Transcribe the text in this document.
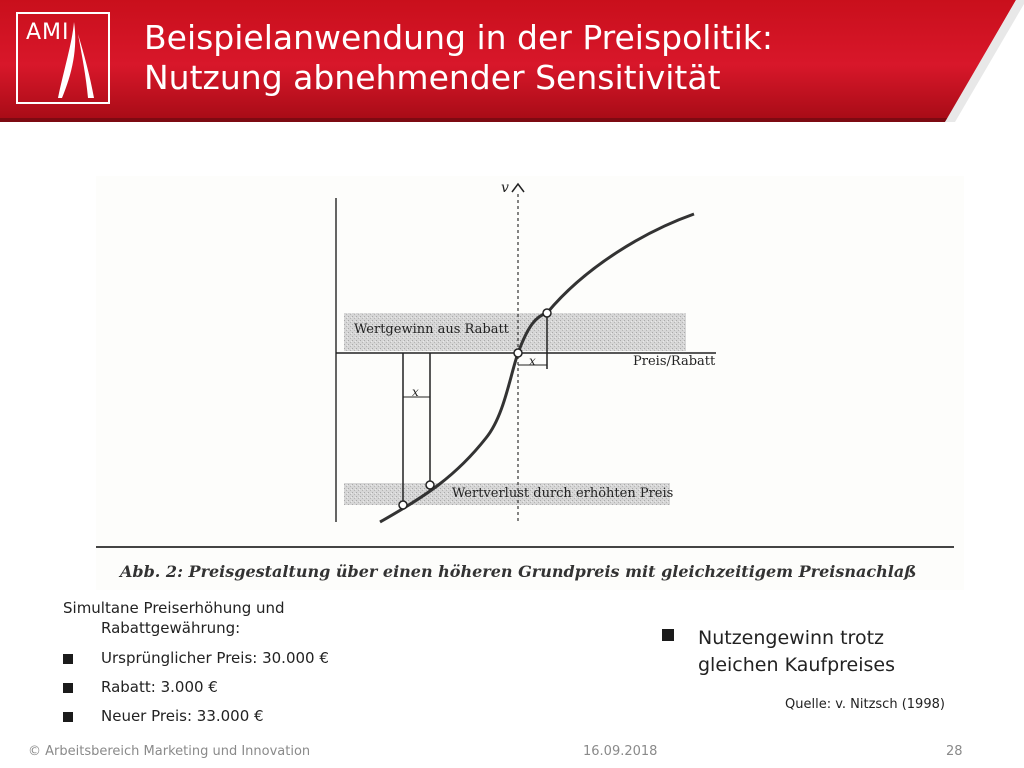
AMI Beispielanwendung in der Preispolitik:
Nutzung abnehmender Sensitivität
v
Preis/Rabatt
Wertgewinn aus Rabatt
Wertverlust durch erhöhten Preis
x
x
Abb. 2: Preisgestaltung über einen höheren Grundpreis mit gleichzeitigem Preisnachlaß
Simultane Preiserhöhung und
Rabattgewährung:
Ursprünglicher Preis: 30.000 €
Rabatt: 3.000 €
Neuer Preis: 33.000 €
Nutzengewinn trotz
gleichen Kaufpreises
Quelle: v. Nitzsch (1998)
© Arbeitsbereich Marketing und Innovation	16.09.2018	28
